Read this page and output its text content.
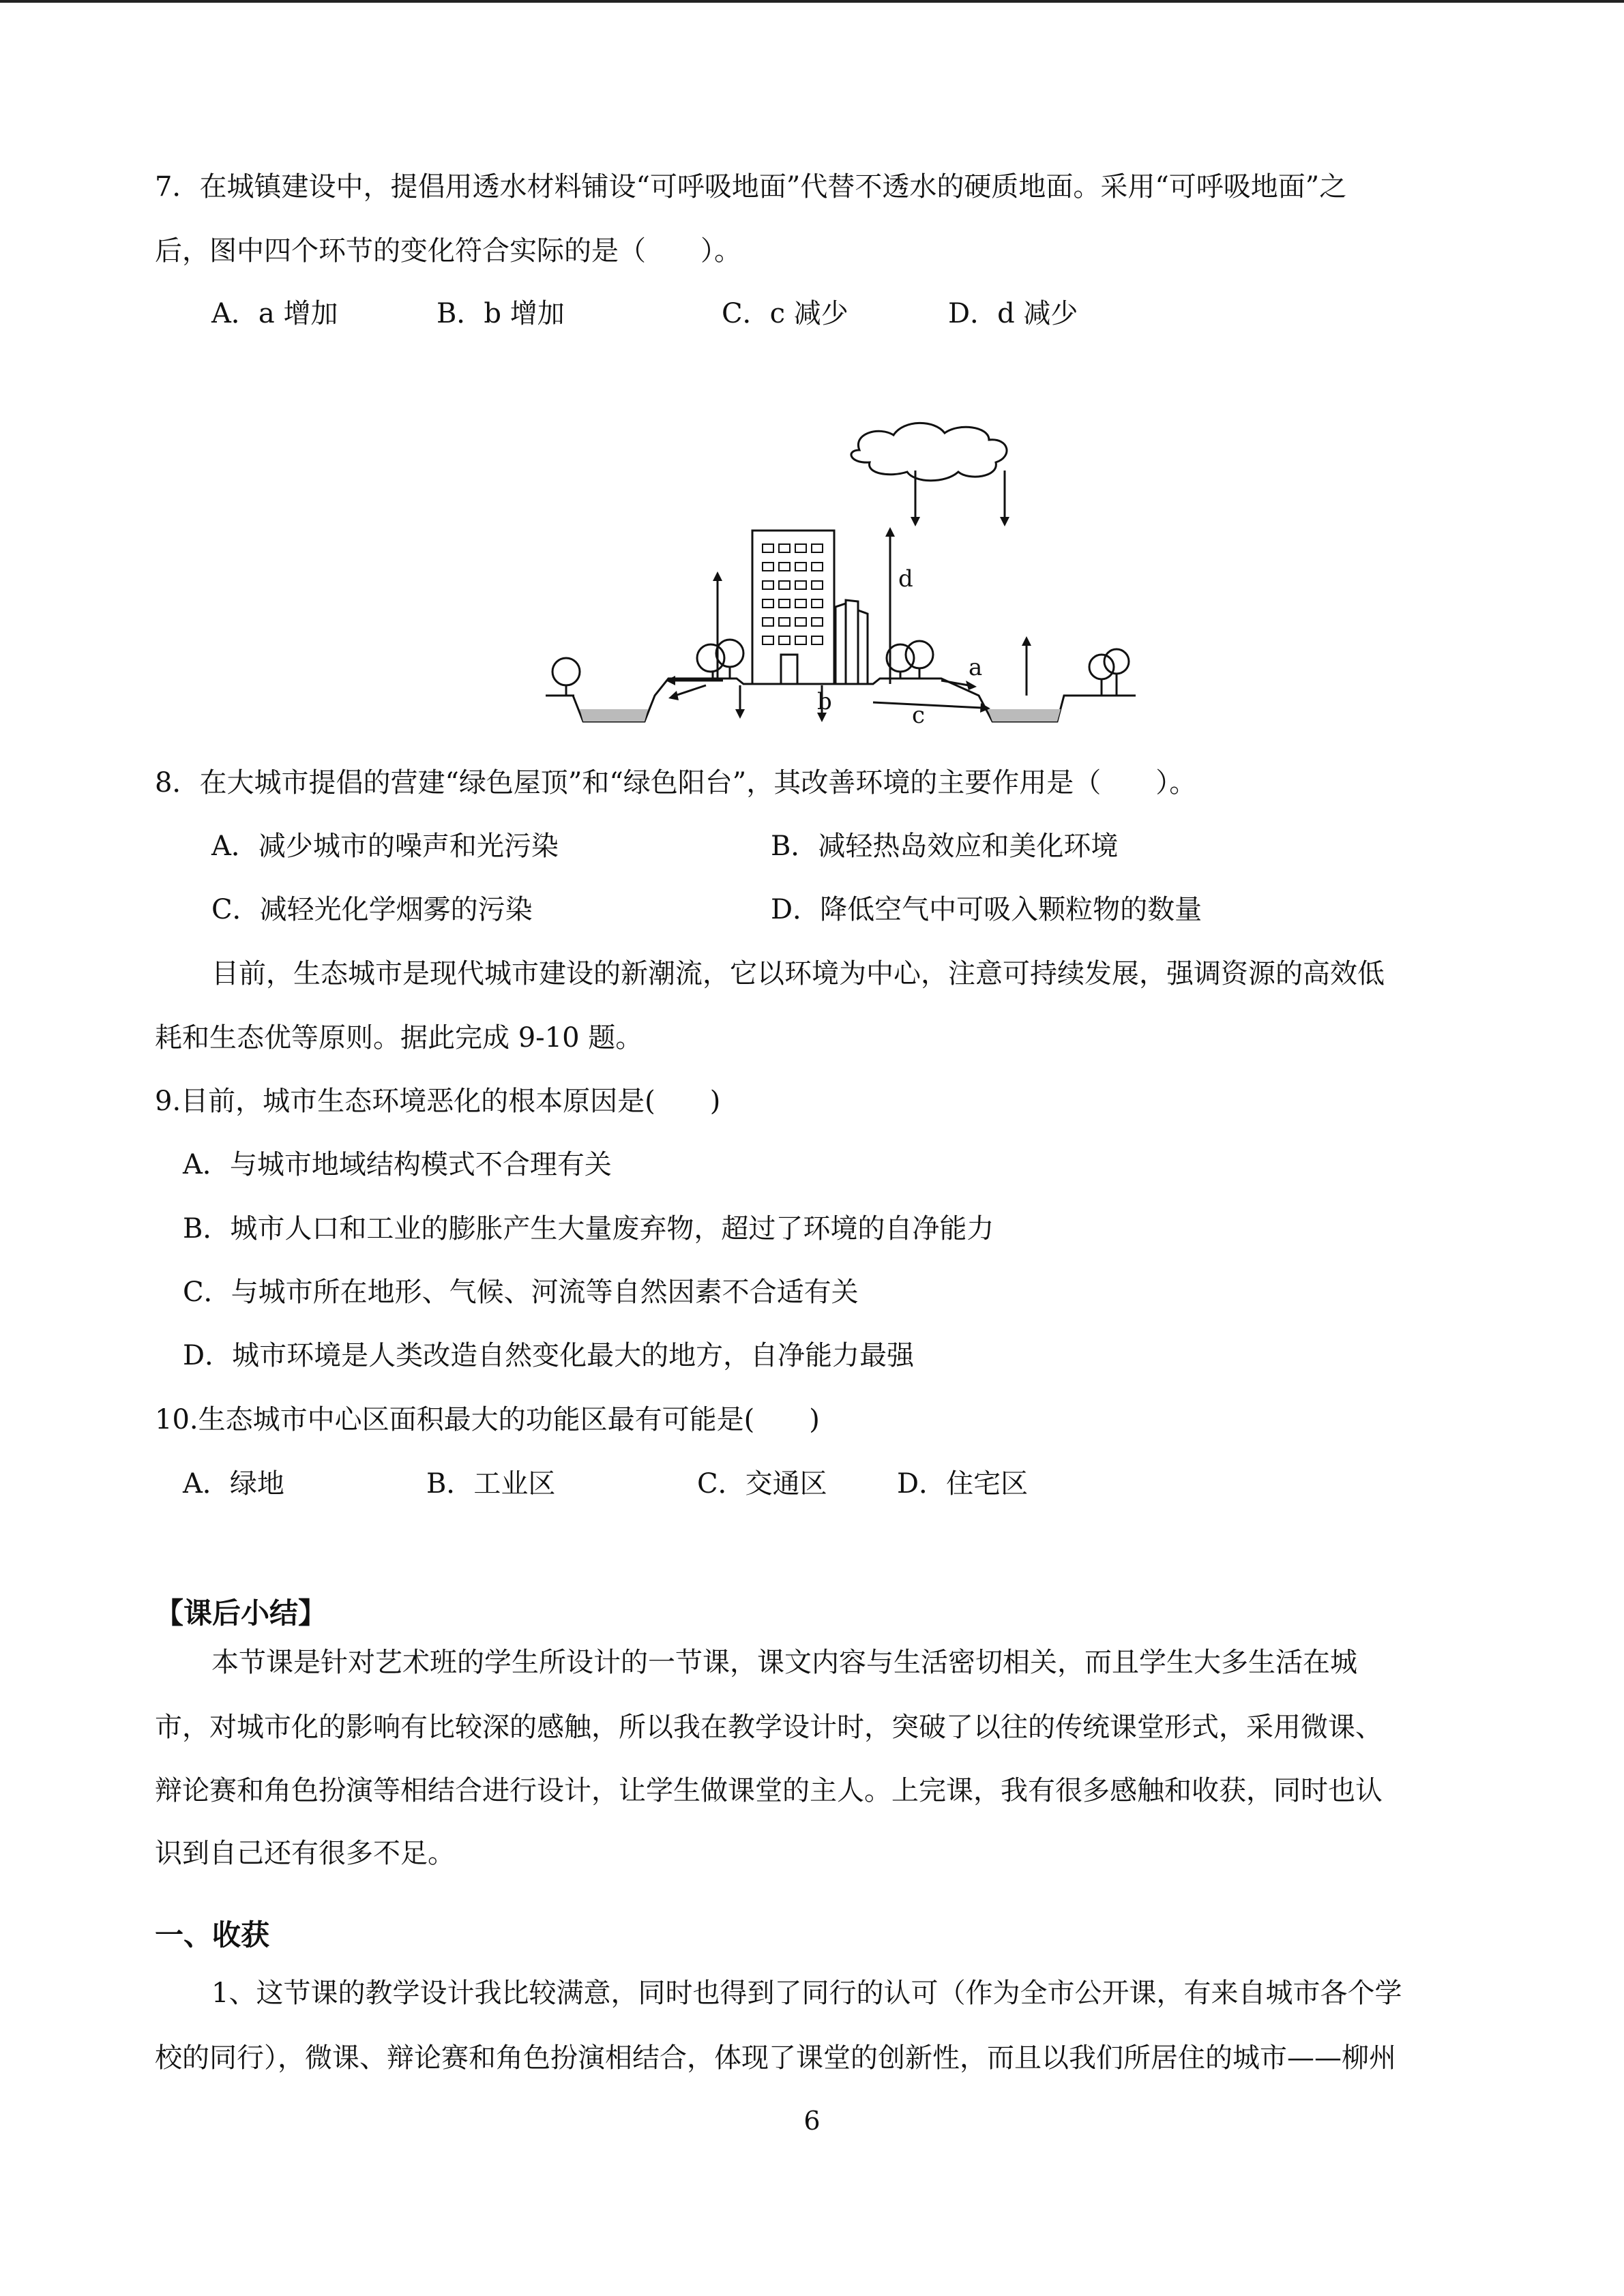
7．在城镇建设中，提倡用透水材料铺设“可呼吸地面”代替不透水的硬质地面。采用“可呼吸地面”之
后，图中四个环节的变化符合实际的是（　　）。
A．a 增加	B．b 增加	C．c 减少	D．d 减少
d
a
b	c
8．在大城市提倡的营建“绿色屋顶”和“绿色阳台”，其改善环境的主要作用是（　　）。
A．减少城市的噪声和光污染	B．减轻热岛效应和美化环境
C．减轻光化学烟雾的污染	D．降低空气中可吸入颗粒物的数量
目前，生态城市是现代城市建设的新潮流，它以环境为中心，注意可持续发展，强调资源的高效低
耗和生态优等原则。据此完成 9-10 题。
9.目前，城市生态环境恶化的根本原因是(　　)
A．与城市地域结构模式不合理有关
B．城市人口和工业的膨胀产生大量废弃物，超过了环境的自净能力
C．与城市所在地形、气候、河流等自然因素不合适有关
D．城市环境是人类改造自然变化最大的地方，自净能力最强
10.生态城市中心区面积最大的功能区最有可能是(　　)
A．绿地	B．工业区	C．交通区	D．住宅区
【课后小结】
本节课是针对艺术班的学生所设计的一节课，课文内容与生活密切相关，而且学生大多生活在城
市，对城市化的影响有比较深的感触，所以我在教学设计时，突破了以往的传统课堂形式，采用微课、
辩论赛和角色扮演等相结合进行设计，让学生做课堂的主人。上完课，我有很多感触和收获，同时也认
识到自己还有很多不足。
一、收获
1、这节课的教学设计我比较满意，同时也得到了同行的认可（作为全市公开课，有来自城市各个学
校的同行），微课、辩论赛和角色扮演相结合，体现了课堂的创新性，而且以我们所居住的城市——柳州
6
